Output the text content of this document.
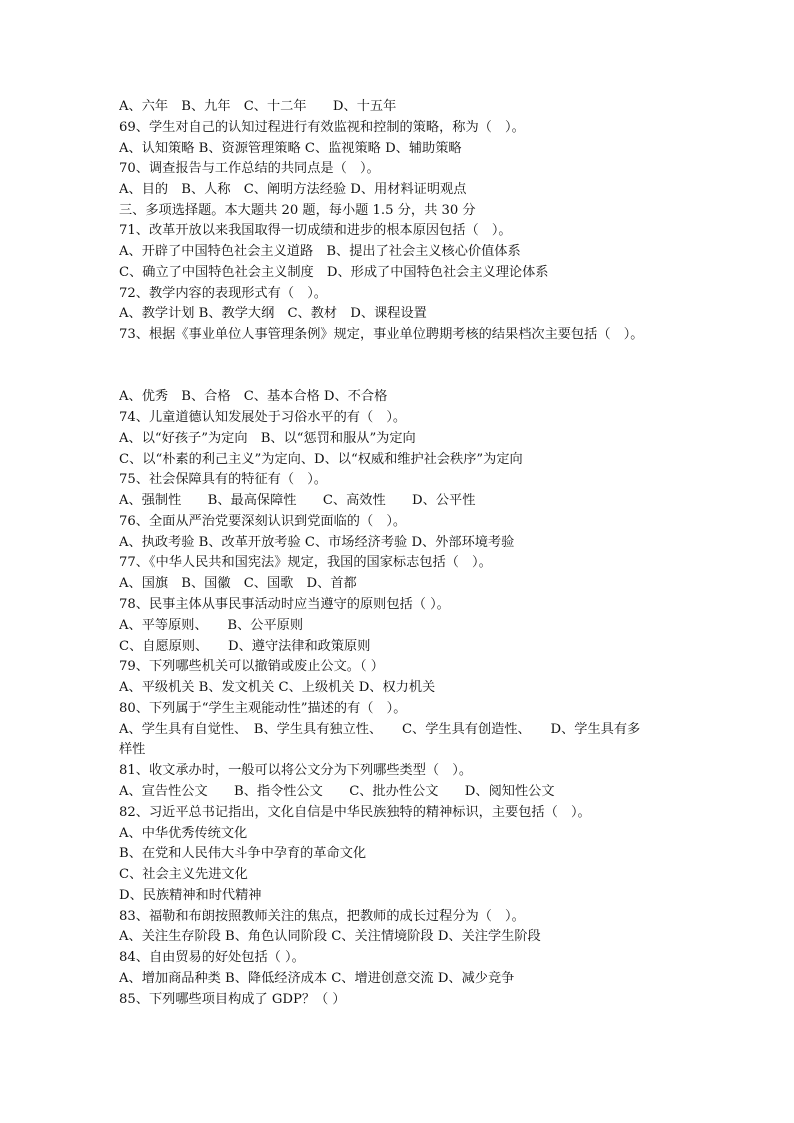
A、六年　B、九年　C、十二年　　D、十五年
69、学生对自己的认知过程进行有效监视和控制的策略，称为（　）。
A、认知策略 B、资源管理策略 C、监视策略 D、辅助策略
70、调查报告与工作总结的共同点是（　）。
A、目的　B、人称　C、阐明方法经验 D、用材料证明观点
三、多项选择题。本大题共 20 题，每小题 1.5 分，共 30 分
71、改革开放以来我国取得一切成绩和进步的根本原因包括（　）。
A、开辟了中国特色社会主义道路　B、提出了社会主义核心价值体系
C、确立了中国特色社会主义制度　D、形成了中国特色社会主义理论体系
72、教学内容的表现形式有（　）。
A、教学计划 B、教学大纲　C、教材　D、课程设置
73、根据《事业单位人事管理条例》规定，事业单位聘期考核的结果档次主要包括（　）。
A、优秀　B、合格　C、基本合格 D、不合格
74、儿童道德认知发展处于习俗水平的有（　）。
A、以“好孩子”为定向　B、以“惩罚和服从”为定向
C、以“朴素的利己主义”为定向、D、以“权威和维护社会秩序”为定向
75、社会保障具有的特征有（　）。
A、强制性　　B、最高保障性　　C、高效性　　D、公平性
76、全面从严治党要深刻认识到党面临的（　）。
A、执政考验 B、改革开放考验 C、市场经济考验 D、外部环境考验
77、《中华人民共和国宪法》规定，我国的国家标志包括（　）。
A、国旗　B、国徽　C、国歌　D、首都
78、民事主体从事民事活动时应当遵守的原则包括（ ）。
A、平等原则、　　B、公平原则
C、自愿原则、　　D、遵守法律和政策原则
79、下列哪些机关可以撤销或废止公文。（ ）
A、平级机关 B、发文机关 C、上级机关 D、权力机关
80、下列属于“学生主观能动性”描述的有（　）。
A、学生具有自觉性、　B、学生具有独立性、　　C、学生具有创造性、　　D、学生具有多
样性
81、收文承办时，一般可以将公文分为下列哪些类型（　）。
A、宣告性公文　　B、指令性公文　　C、批办性公文　　D、阅知性公文
82、习近平总书记指出，文化自信是中华民族独特的精神标识，主要包括（　）。
A、中华优秀传统文化
B、在党和人民伟大斗争中孕育的革命文化
C、社会主义先进文化
D、民族精神和时代精神
83、福勒和布朗按照教师关注的焦点，把教师的成长过程分为（　）。
A、关注生存阶段 B、角色认同阶段 C、关注情境阶段 D、关注学生阶段
84、自由贸易的好处包括（ ）。
A、增加商品种类 B、降低经济成本 C、增进创意交流 D、减少竞争
85、下列哪些项目构成了 GDP？（ ）
